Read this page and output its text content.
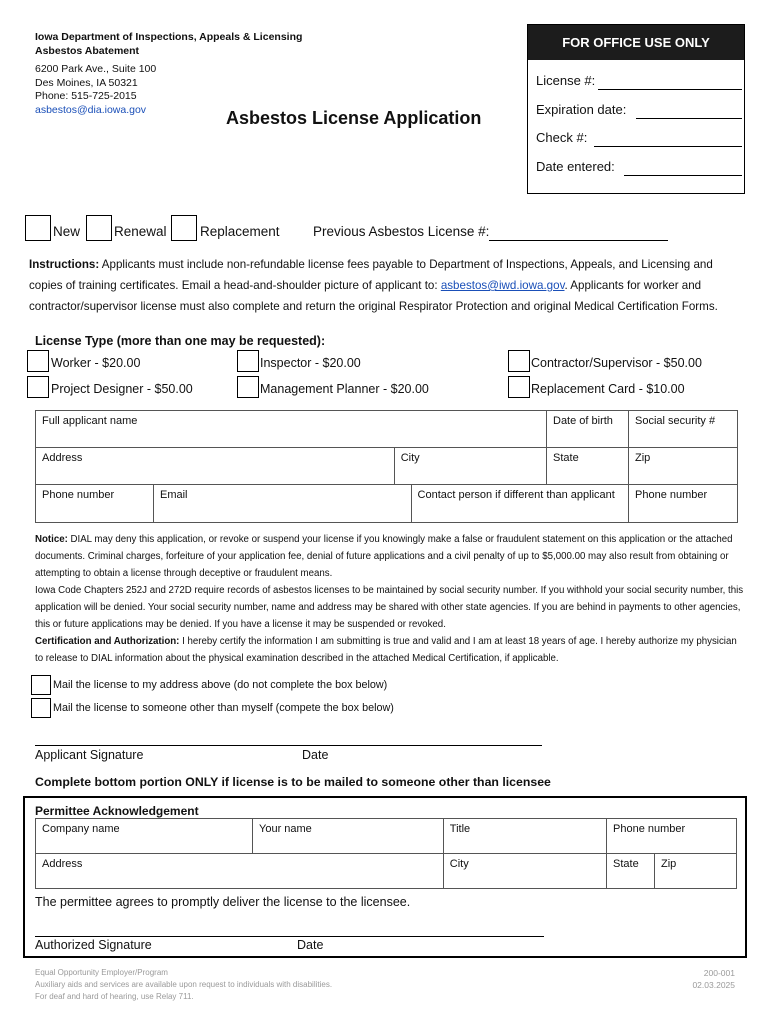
Iowa Department of Inspections, Appeals & Licensing
Asbestos Abatement
6200 Park Ave., Suite 100
Des Moines, IA 50321
Phone: 515-725-2015
asbestos@dia.iowa.gov	Asbestos License Application
FOR OFFICE USE ONLY
License #:
Expiration date:
Check #:
Date entered:
New	Renewal Replacement Previous Asbestos License #:
Instructions: Applicants must include non-refundable license fees payable to Department of Inspections, Appeals, and Licensing and copies of training certificates. Email a head-and-shoulder picture of applicant to: asbestos@iwd.iowa.gov. Applicants for worker and contractor/supervisor license must also complete and return the original Respirator Protection and original Medical Certification Forms.
License Type (more than one may be requested):
Worker - $20.00	Inspector - $20.00	Contractor/Supervisor - $50.00
Project Designer - $50.00	Management Planner - $20.00	Replacement Card - $10.00
Full applicant name				Date of birth	Social security #
Address		City		State	Zip
Phone number	Email		Contact person if different than applicant		Phone number
Notice: DIAL may deny this application, or revoke or suspend your license if you knowingly make a false or fraudulent statement on this application or the attached documents. Criminal charges, forfeiture of your application fee, denial of future applications and a civil penalty of up to $5,000.00 may also result from obtaining or attempting to obtain a license through deceptive or fraudulent means.
Iowa Code Chapters 252J and 272D require records of asbestos licenses to be maintained by social security number. If you withhold your social security number, this application will be denied. Your social security number, name and address may be shared with other state agencies. If you are behind in payments to other agencies, this or future applications may be denied. If you have a license it may be suspended or revoked.
Certification and Authorization: I hereby certify the information I am submitting is true and valid and I am at least 18 years of age. I hereby authorize my physician to release to DIAL information about the physical examination described in the attached Medical Certification, if applicable.
Mail the license to my address above (do not complete the box below)
Mail the license to someone other than myself (compete the box below)
Applicant Signature	Date
Complete bottom portion ONLY if license is to be mailed to someone other than licensee
Permittee Acknowledgement
Company name	Your name	Title	Phone number	
Address		City	State	Zip
The permittee agrees to promptly deliver the license to the licensee.
Authorized Signature	Date
Equal Opportunity Employer/Program
Auxiliary aids and services are available upon request to individuals with disabilities.
For deaf and hard of hearing, use Relay 711.
200-001
02.03.2025
